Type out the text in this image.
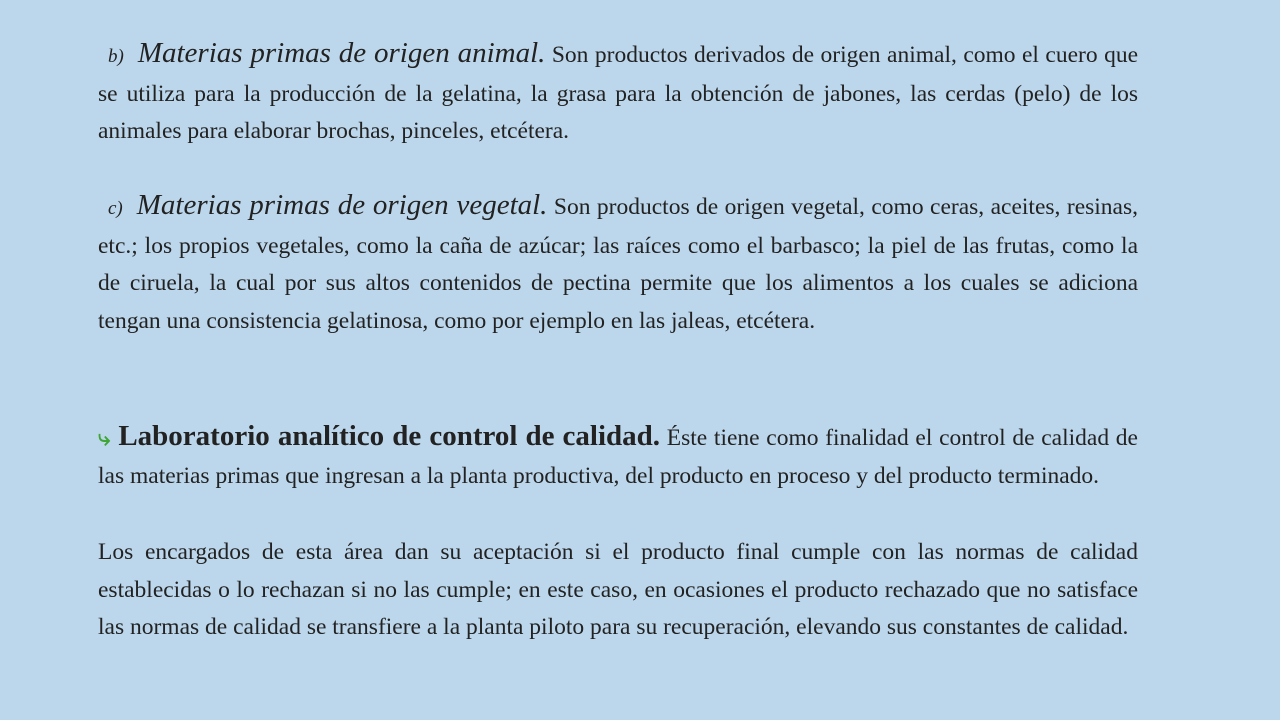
b) Materias primas de origen animal. Son productos derivados de origen animal, como el cuero que se utiliza para la producción de la gelatina, la grasa para la obtención de jabones, las cerdas (pelo) de los animales para elaborar brochas, pinceles, etcétera.

c) Materias primas de origen vegetal. Son productos de origen vegetal, como ceras, aceites, resinas, etc.; los propios vegetales, como la caña de azúcar; las raíces como el barbasco; la piel de las frutas, como la de ciruela, la cual por sus altos contenidos de pectina permite que los alimentos a los cuales se adiciona tengan una consistencia gelatinosa, como por ejemplo en las jaleas, etcétera.

⤷ Laboratorio analítico de control de calidad. Éste tiene como finalidad el control de calidad de las materias primas que ingresan a la planta productiva, del producto en proceso y del producto terminado.

Los encargados de esta área dan su aceptación si el producto final cumple con las normas de calidad establecidas o lo rechazan si no las cumple; en este caso, en ocasiones el producto rechazado que no satisface las normas de calidad se transfiere a la planta piloto para su recuperación, elevando sus constantes de calidad.
